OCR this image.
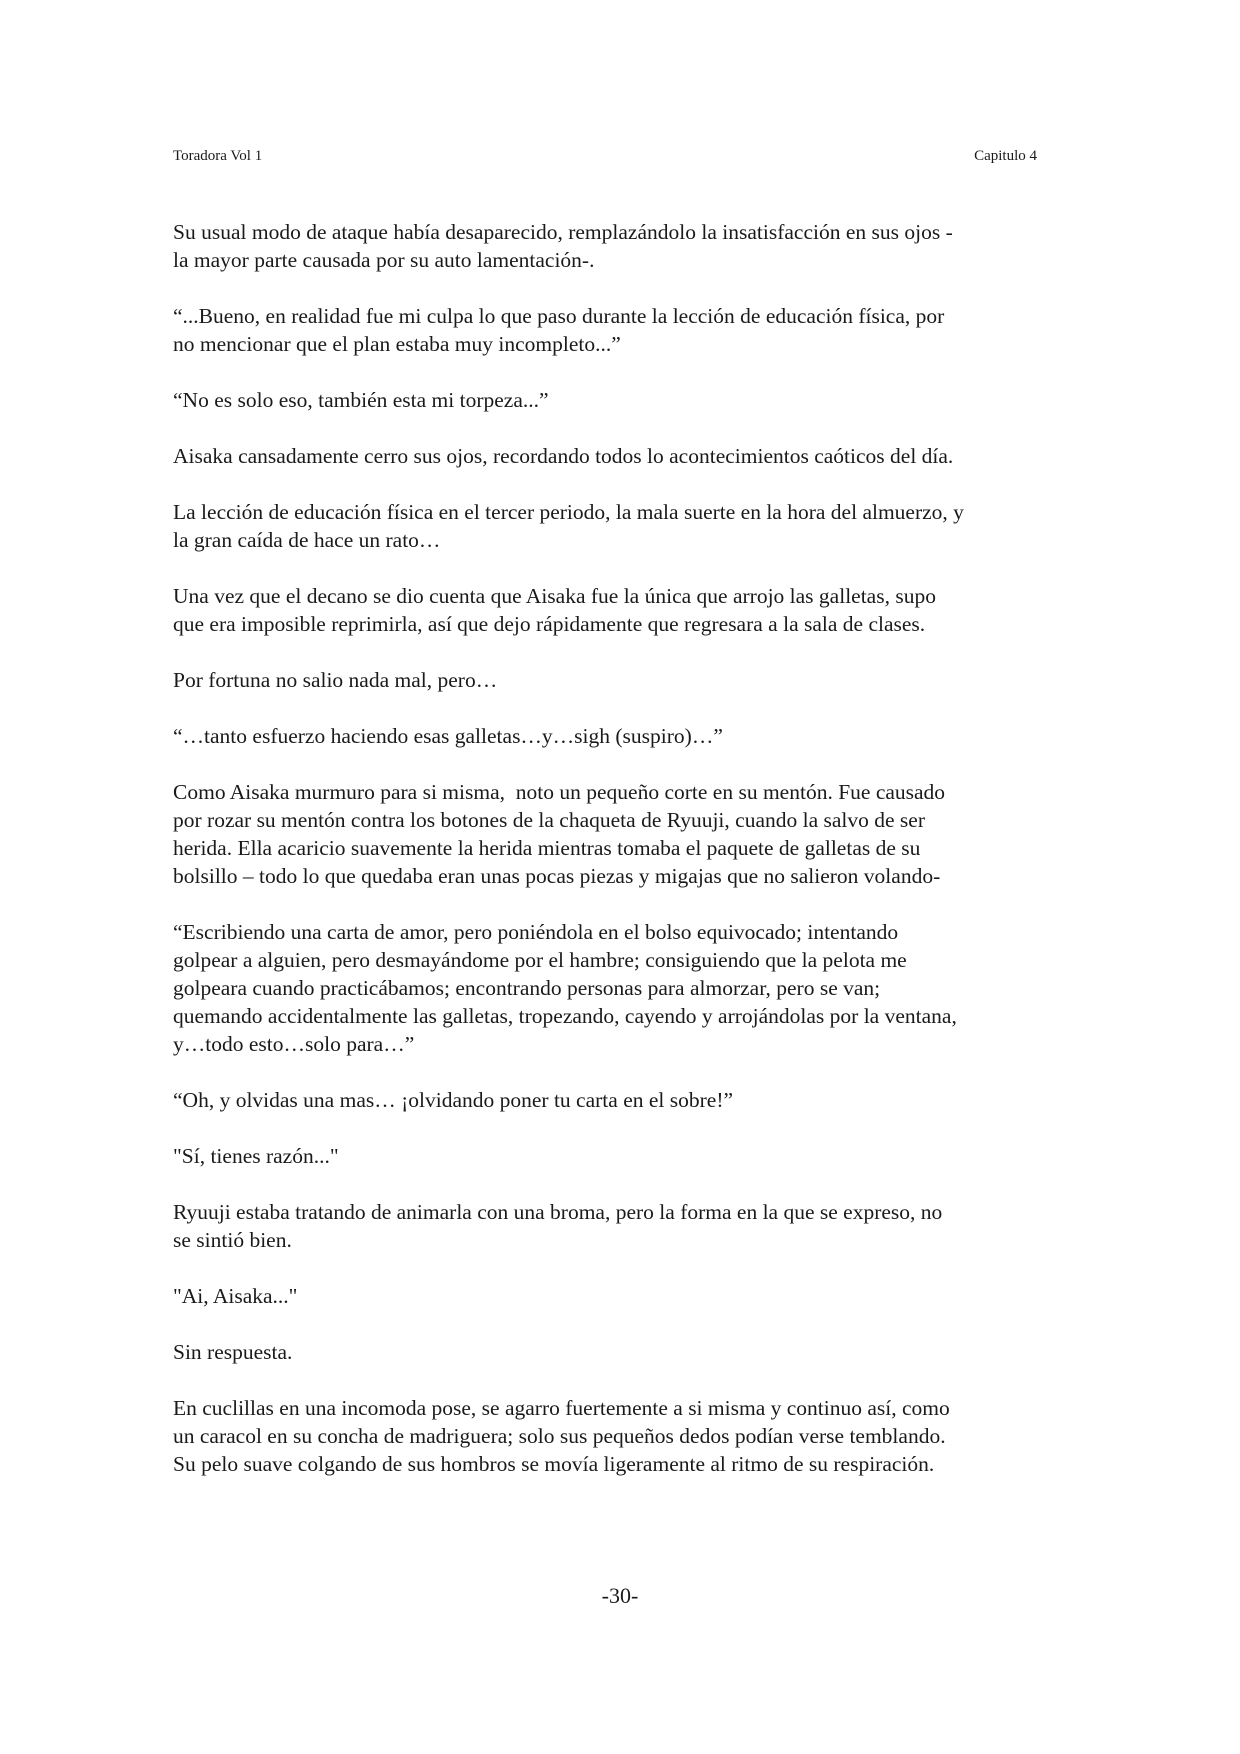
Toradora Vol 1	Capitulo 4

Su usual modo de ataque había desaparecido, remplazándolo la insatisfacción en sus ojos -
la mayor parte causada por su auto lamentación-.

“...Bueno, en realidad fue mi culpa lo que paso durante la lección de educación física, por
no mencionar que el plan estaba muy incompleto...”

“No es solo eso, también esta mi torpeza...”

Aisaka cansadamente cerro sus ojos, recordando todos lo acontecimientos caóticos del día.

La lección de educación física en el tercer periodo, la mala suerte en la hora del almuerzo, y
la gran caída de hace un rato…

Una vez que el decano se dio cuenta que Aisaka fue la única que arrojo las galletas, supo
que era imposible reprimirla, así que dejo rápidamente que regresara a la sala de clases.

Por fortuna no salio nada mal, pero…

“…tanto esfuerzo haciendo esas galletas…y…sigh (suspiro)…”

Como Aisaka murmuro para si misma,  noto un pequeño corte en su mentón. Fue causado
por rozar su mentón contra los botones de la chaqueta de Ryuuji, cuando la salvo de ser
herida. Ella acaricio suavemente la herida mientras tomaba el paquete de galletas de su
bolsillo – todo lo que quedaba eran unas pocas piezas y migajas que no salieron volando-

“Escribiendo una carta de amor, pero poniéndola en el bolso equivocado; intentando
golpear a alguien, pero desmayándome por el hambre; consiguiendo que la pelota me
golpeara cuando practicábamos; encontrando personas para almorzar, pero se van;
quemando accidentalmente las galletas, tropezando, cayendo y arrojándolas por la ventana,
y…todo esto…solo para…”

“Oh, y olvidas una mas… ¡olvidando poner tu carta en el sobre!”

"Sí, tienes razón..."

Ryuuji estaba tratando de animarla con una broma, pero la forma en la que se expreso, no
se sintió bien.

"Ai, Aisaka..."

Sin respuesta.

En cuclillas en una incomoda pose, se agarro fuertemente a si misma y continuo así, como
un caracol en su concha de madriguera; solo sus pequeños dedos podían verse temblando.
Su pelo suave colgando de sus hombros se movía ligeramente al ritmo de su respiración.

-30-
